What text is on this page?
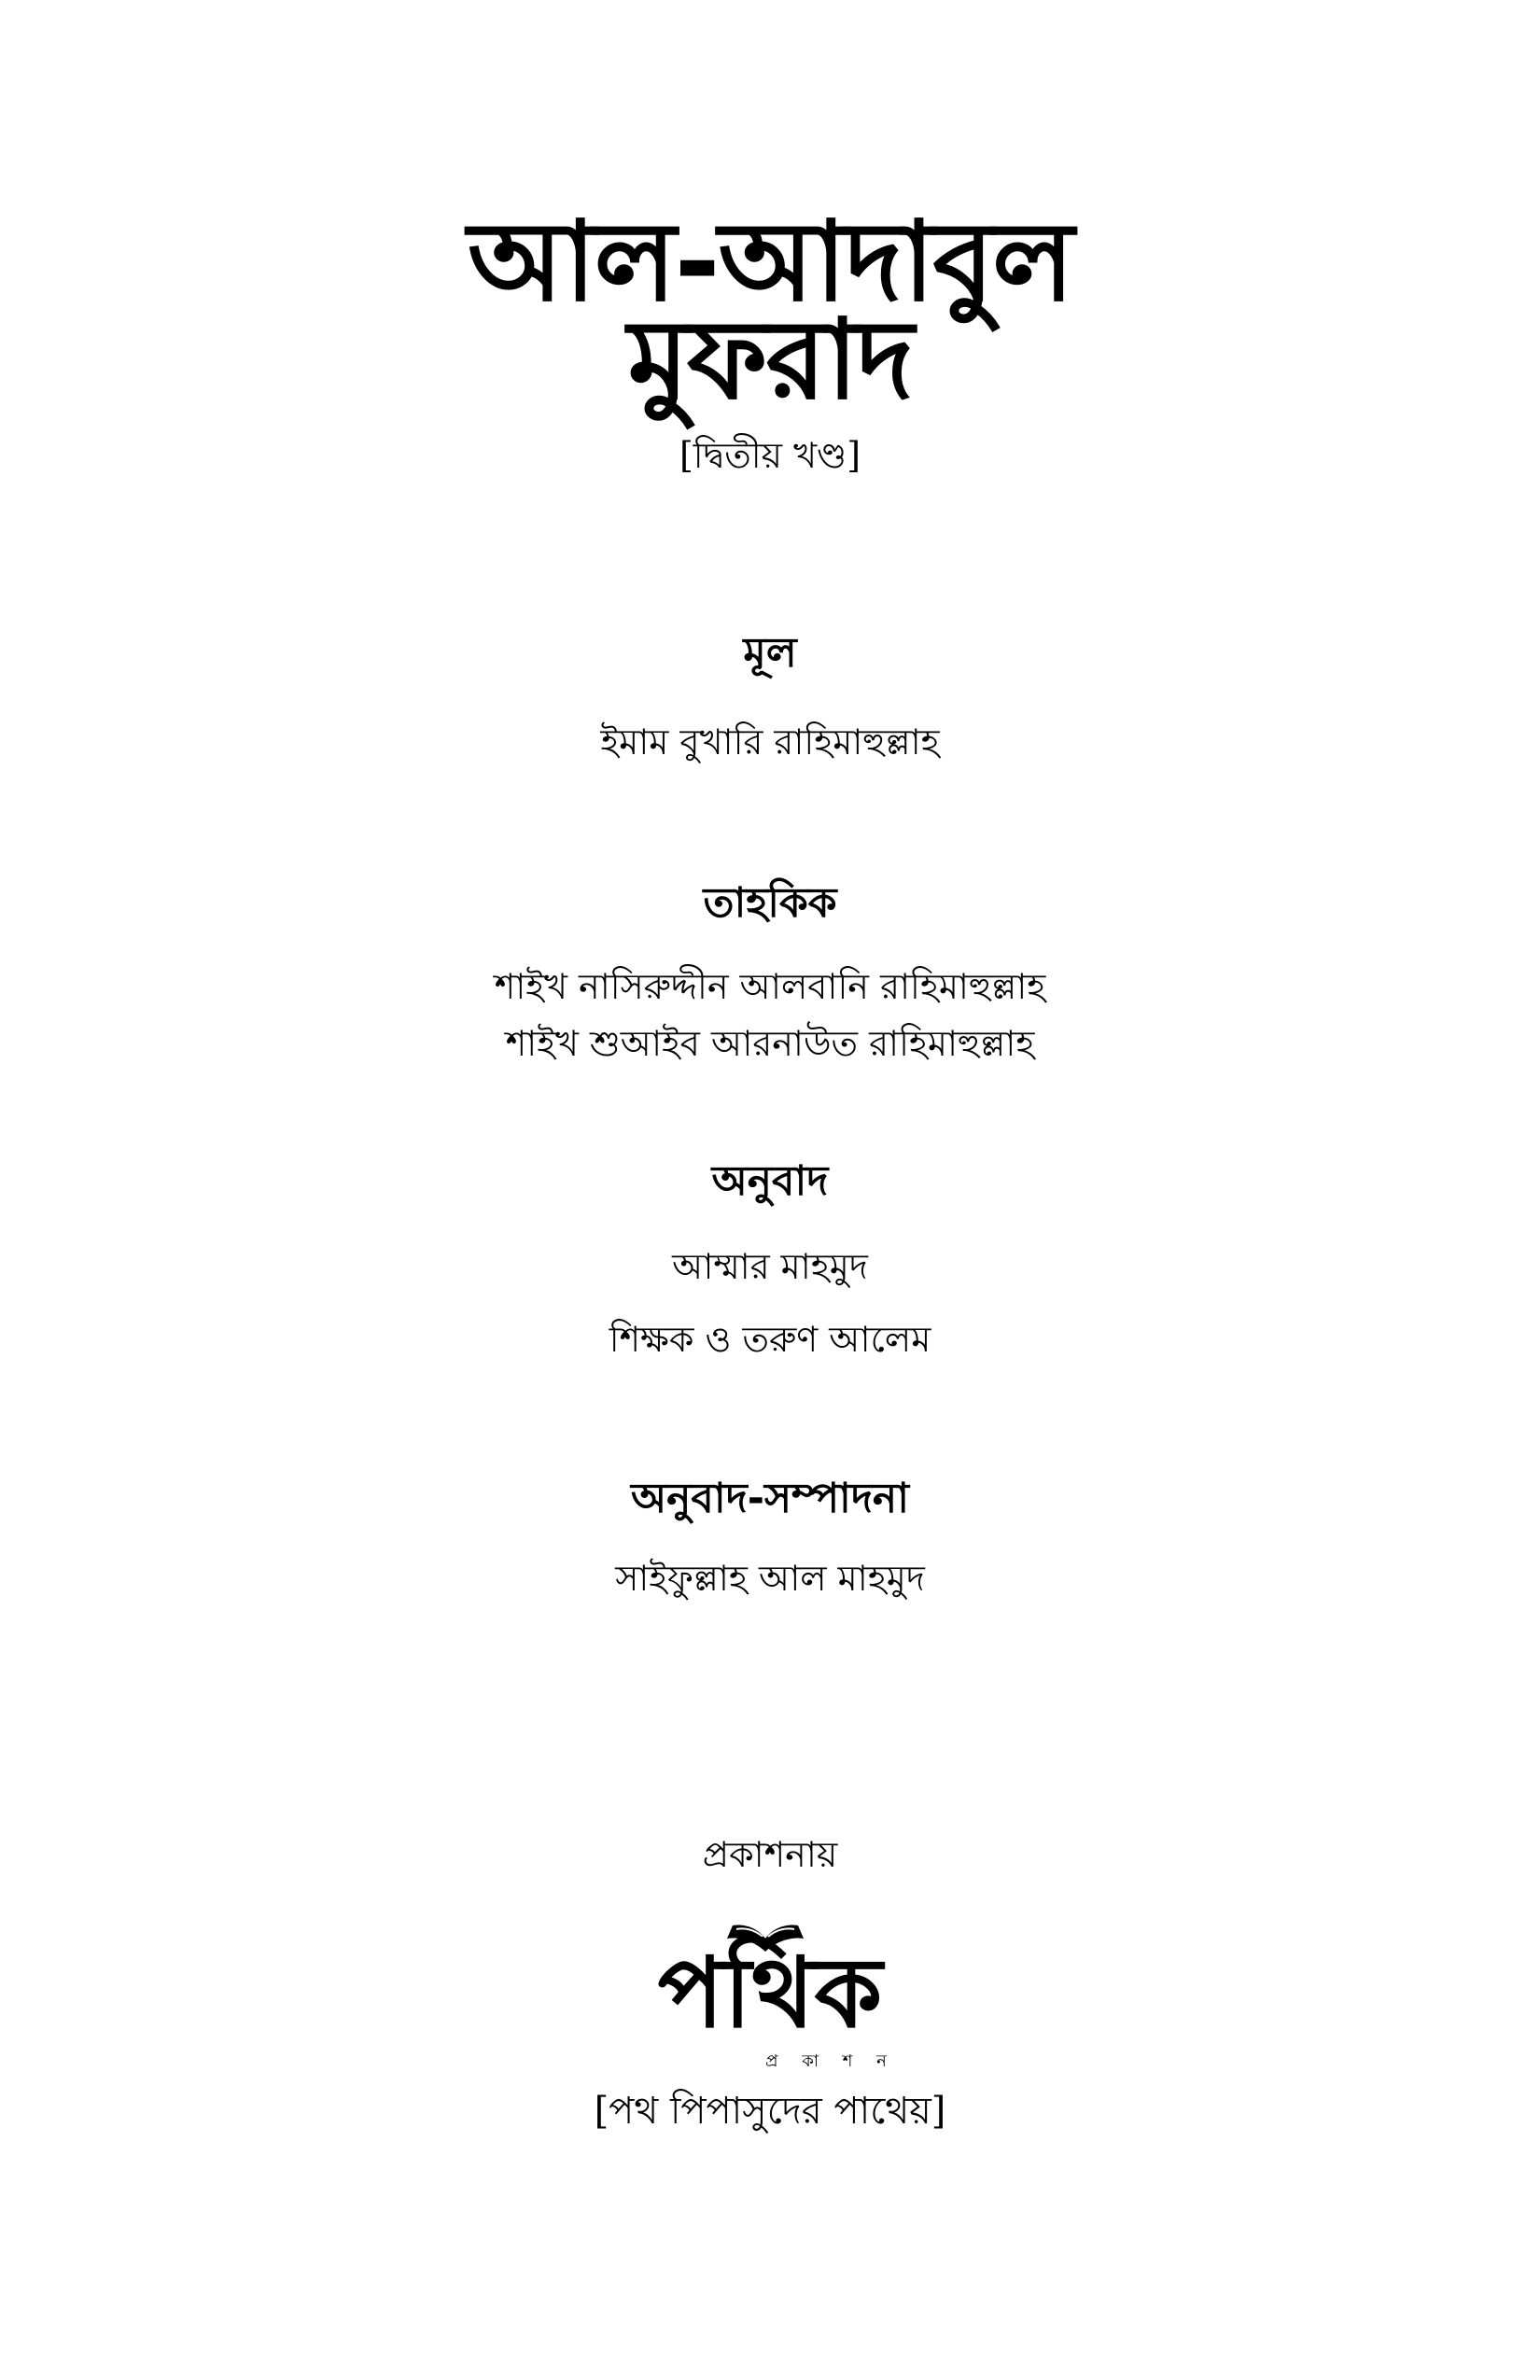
আল-আদাবুল
মুফরাদ
[দ্বিতীয় খণ্ড]
মূল
ইমাম বুখারি রাহিমাহুল্লাহ
তাহকিক
শাইখ নাসিরুদ্দীন আলবানি রাহিমাহুল্লাহ
শাইখ শুআইব আরনাউত রাহিমাহুল্লাহ
অনুবাদ
আম্মার মাহমুদ
শিক্ষক ও তরুণ আলেম
অনুবাদ-সম্পাদনা
সাইফুল্লাহ আল মাহমুদ
প্রকাশনায়
পথিক
প্র কা শ ন
[পথ পিপাসুদের পাথেয়]
